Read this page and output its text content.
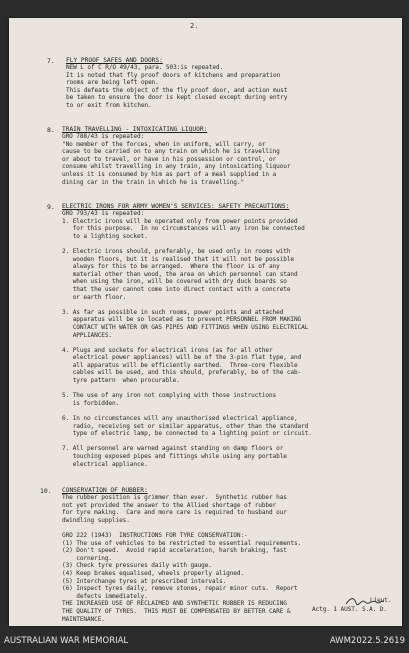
2.
7. FLY PROOF SAFES AND DOORS:
NEW L of C R/O 49/43, para. 503:is repeated.
It is noted that fly proof doors of kitchens and preparation
rooms are being left open.
This defeats the object of the fly proof door, and action must
be taken to ensure the door is kept closed except during entry
to or exit from kitchen.
8. TRAIN TRAVELLING - INTOXICATING LIQUOR:
GRO 788/43 is repeated:
"No member of the forces, when in uniform, will carry, or
cause to be carried on to any train on which he is travelling
or about to travel, or have in his possession or control, or
consume whilst travelling in any train, any intoxicating liquour
unless it is consumed by him as part of a meal supplied in a
dining car in the train in which he is travelling."
9. ELECTRIC IRONS FOR ARMY WOMEN'S SERVICES: SAFETY PRECAUTIONS:
GRO 793/43 is repeated:
1. Electric irons will be operated only from power points provided
for this purpose.  In no circumstances will any iron be connected
to a lighting socket.

2. Electric irons should, preferably, be used only in rooms with
wooden floors, but it is realised that it will not be possible
always for this to be arranged.  Where the floor is of any
material other than wood, the area on which personnel can stand
when using the iron, will be covered with dry duck boards so
that the user cannot come into direct contact with a concrete
or earth floor.

3. As far as possible in such rooms, power points and attached
apparatus will be so located as to prevent PERSONNEL FROM MAKING
CONTACT WITH WATER OR GAS PIPES AND FITTINGS WHEN USING ELECTRICAL
APPLIANCES.

4. Plugs and sockets for electrical irons (as for all other
electrical power appliances) will be of the 3-pin flat type, and
all apparatus will be efficiently earthed.  Three-core flexible
cables will be used, and this should, preferably, be of the cab-
tyre pattern  when procurable.

5. The use of any iron not complying with those instructions
is forbidden.

6. In no circumstances will any unauthorised electrical appliance,
radio, receiving set or similar apparatus, other than the standard
type of electric lamp, be connected to a lighting point or circuit.

7. All personnel are warned against standing on damp floors or
touching exposed pipes and fittings while using any portable
electrical appliance.
10. CONSERVATION OF RUBBER:
The rubber position is grimmer than ever.  Synthetic rubber has
not yet provided the answer to the Allied shortage of rubber
for tyre making.  Care and more care is required to husband our
dwindling supplies.

GRO 222 (1943)  INSTRUCTIONS FOR TYRE CONSERVATION:-
(1) The use of vehicles to be restricted to essential requirements.
(2) Don't speed.  Avoid rapid acceleration, harsh braking, fast
cornering.
(3) Check tyre pressures daily with gauge.
(4) Keep brakes equalised, wheels properly aligned.
(5) Interchange tyres at prescribed intervals.
(6) Inspect tyres daily, remove stones, repair minor cuts.  Report
defects immediately.
THE INCREASED USE OF RECLAIMED AND SYNTHETIC RUBBER IS REDUCING
THE QUALITY OF TYRES.  THIS MUST BE COMPENSATED BY BETTER CARE &
MAINTENANCE.
Lieut.
Actg. 1 AUST. S.A. D.
AUSTRALIAN WAR MEMORIAL	AWM2022.5.2619
